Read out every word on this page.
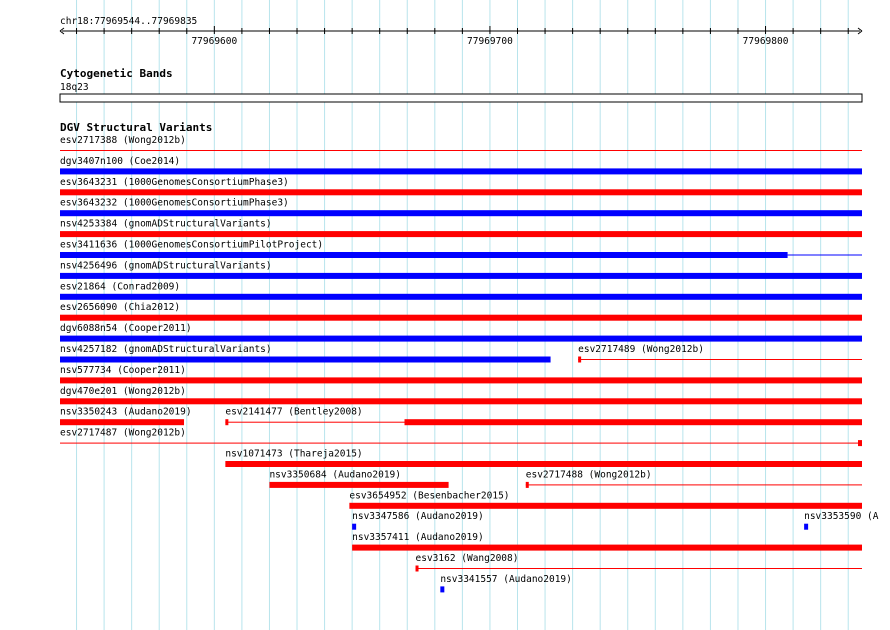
chr18:77969544..77969835
77969600	77969700	77969800
Cytogenetic Bands
18q23
DGV Structural Variants
esv2717388 (Wong2012b)
dgv3407n100 (Coe2014)
esv3643231 (1000GenomesConsortiumPhase3)
esv3643232 (1000GenomesConsortiumPhase3)
nsv4253384 (gnomADStructuralVariants)
esv3411636 (1000GenomesConsortiumPilotProject)
nsv4256496 (gnomADStructuralVariants)
esv21864 (Conrad2009)
esv2656090 (Chia2012)
dgv6088n54 (Cooper2011)
nsv4257182 (gnomADStructuralVariants)	esv2717489 (Wong2012b)
nsv577734 (Cooper2011)
dgv470e201 (Wong2012b)
nsv3350243 (Audano2019)	esv2141477 (Bentley2008)
esv2717487 (Wong2012b)
nsv1071473 (Thareja2015)
nsv3350684 (Audano2019)	esv2717488 (Wong2012b)
esv3654952 (Besenbacher2015)
nsv3347586 (Audano2019)	nsv3353590 (A
nsv3357411 (Audano2019)
esv3162 (Wang2008)
nsv3341557 (Audano2019)
